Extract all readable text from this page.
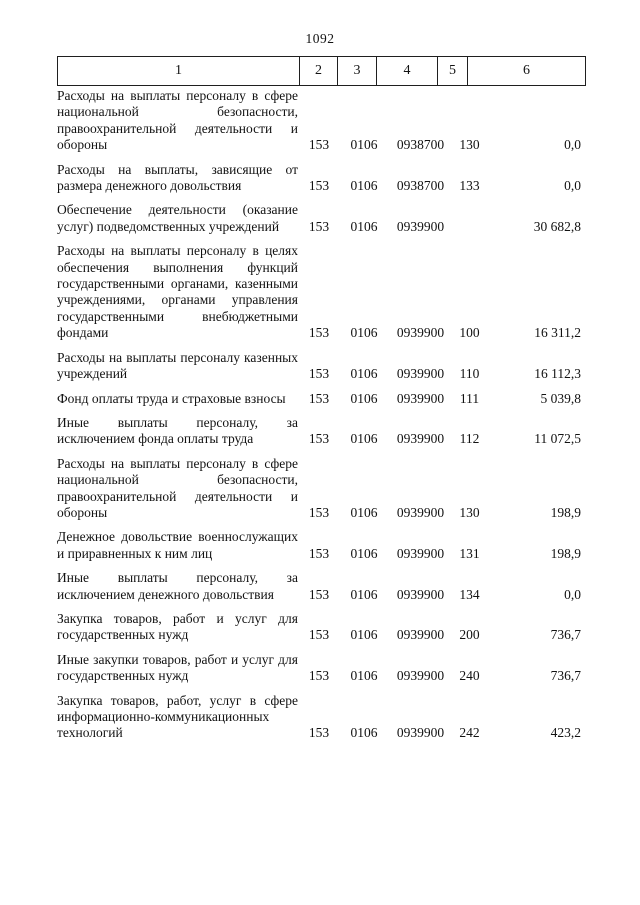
1092
1	2	3	4	5	6
Расходы на выплаты персоналу в сфере национальной безопасности, правоохранительной деятельности и обороны	153	0106	0938700	130	0,0
Расходы на выплаты, зависящие от размера денежного довольствия	153	0106	0938700	133	0,0
Обеспечение деятельности (оказание услуг) подведомственных учреждений	153	0106	0939900		30 682,8
Расходы на выплаты персоналу в целях обеспечения выполнения функций государственными органами, казенными учреждениями, органами управления государственными внебюджетными фондами	153	0106	0939900	100	16 311,2
Расходы на выплаты персоналу казенных учреждений	153	0106	0939900	110	16 112,3
Фонд оплаты труда и страховые взносы	153	0106	0939900	111	5 039,8
Иные выплаты персоналу, за исключением фонда оплаты труда	153	0106	0939900	112	11 072,5
Расходы на выплаты персоналу в сфере национальной безопасности, правоохранительной деятельности и обороны	153	0106	0939900	130	198,9
Денежное довольствие военнослужащих и приравненных к ним лиц	153	0106	0939900	131	198,9
Иные выплаты персоналу, за исключением денежного довольствия	153	0106	0939900	134	0,0
Закупка товаров, работ и услуг для государственных нужд	153	0106	0939900	200	736,7
Иные закупки товаров, работ и услуг для государственных нужд	153	0106	0939900	240	736,7
Закупка товаров, работ, услуг в сфере информационно-коммуникационных технологий	153	0106	0939900	242	423,2
